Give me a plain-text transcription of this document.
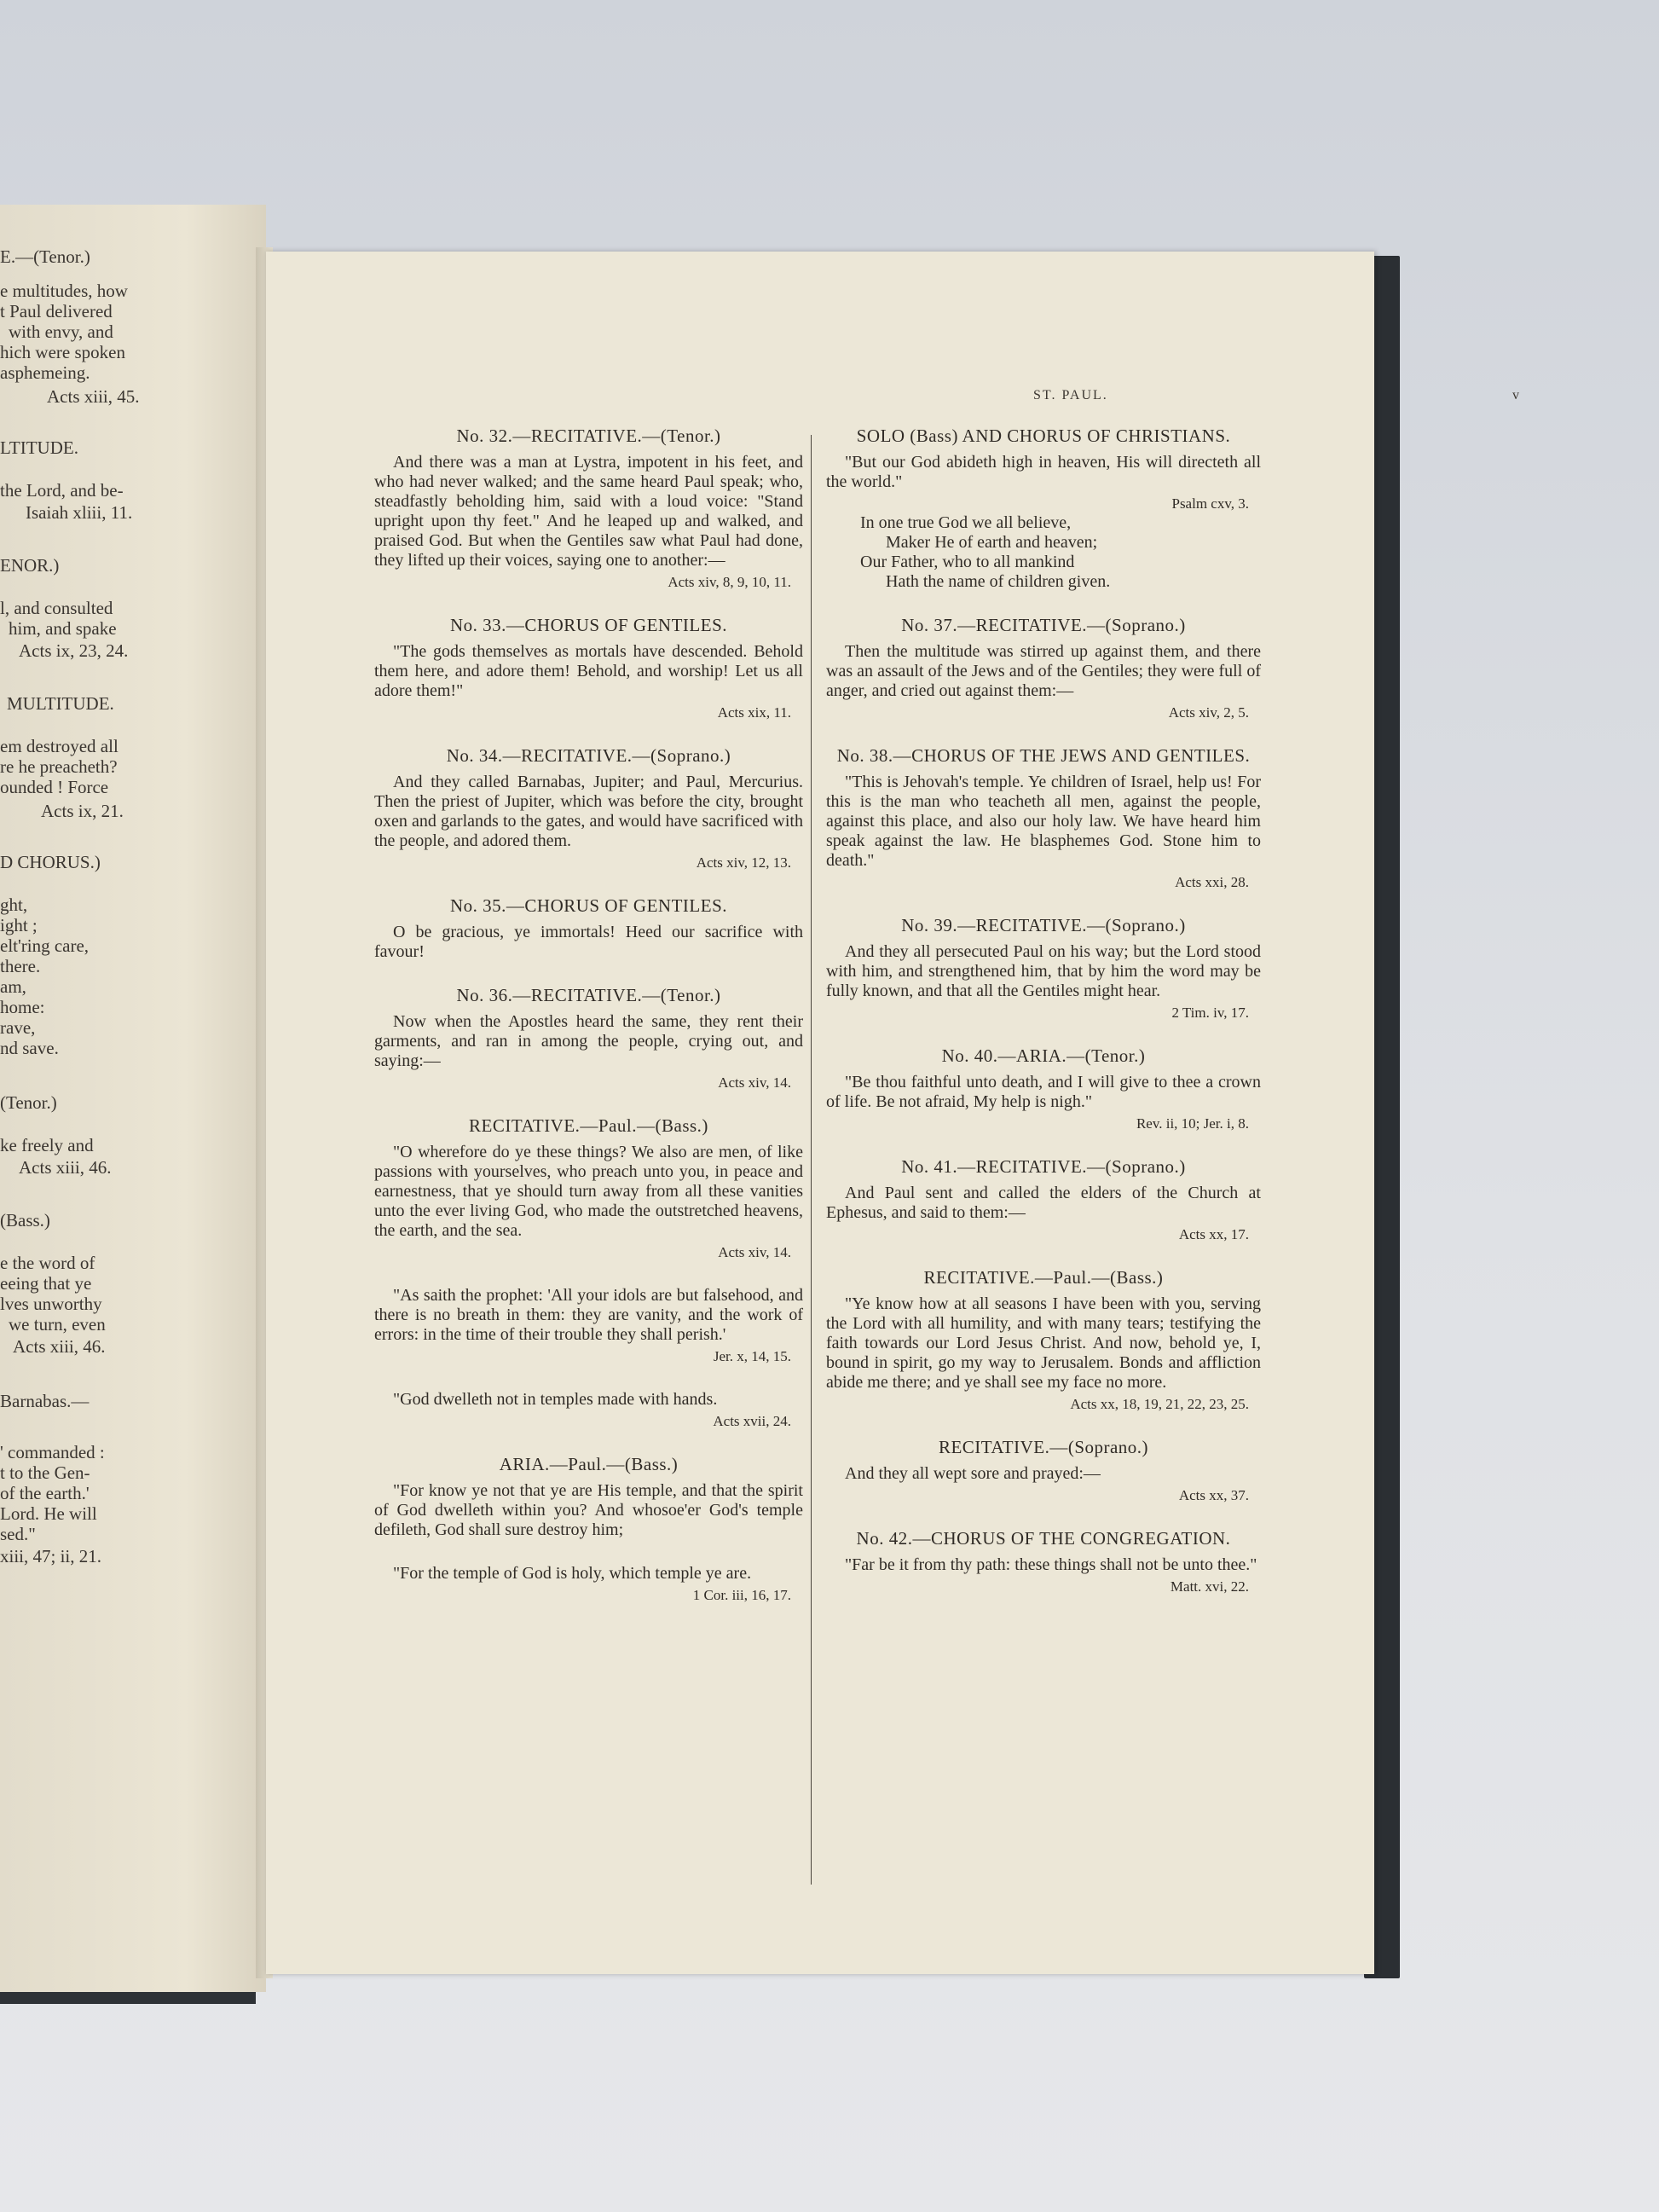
E.—(Tenor.)
e multitudes, how
t Paul delivered
with envy, and
hich were spoken
asphemeing.
Acts xiii, 45.
LTITUDE.
the Lord, and be-
Isaiah xliii, 11.
ENOR.)
l, and consulted
him, and spake
Acts ix, 23, 24.
MULTITUDE.
em destroyed all
re he preacheth?
ounded ! Force
Acts ix, 21.
D CHORUS.)
ght,
ight ;
elt'ring care,
there.
am,
home:
rave,
nd save.
(Tenor.)
ke freely and
Acts xiii, 46.
(Bass.)
e the word of
eeing that ye
lves unworthy
we turn, even
Acts xiii, 46.
Barnabas.—
' commanded :
t to the Gen-
of the earth.'
Lord. He will
sed."
xiii, 47; ii, 21.
ST. PAUL.	v
No. 32.—RECITATIVE.—(Tenor.)

And there was a man at Lystra, impotent in his feet, and who had never walked; and the same heard Paul speak; who, steadfastly beholding him, said with a loud voice: "Stand upright upon thy feet." And he leaped up and walked, and praised God. But when the Gentiles saw what Paul had done, they lifted up their voices, saying one to another:—

Acts xiv, 8, 9, 10, 11.
No. 33.—CHORUS OF GENTILES.

"The gods themselves as mortals have descended. Behold them here, and adore them! Behold, and worship! Let us all adore them!"

Acts xix, 11.
No. 34.—RECITATIVE.—(Soprano.)

And they called Barnabas, Jupiter; and Paul, Mercurius. Then the priest of Jupiter, which was before the city, brought oxen and garlands to the gates, and would have sacrificed with the people, and adored them.

Acts xiv, 12, 13.
No. 35.—CHORUS OF GENTILES.

O be gracious, ye immortals! Heed our sacrifice with favour!

No. 36.—RECITATIVE.—(Tenor.)

Now when the Apostles heard the same, they rent their garments, and ran in among the people, crying out, and saying:—

Acts xiv, 14.
RECITATIVE.—Paul.—(Bass.)

"O wherefore do ye these things? We also are men, of like passions with yourselves, who preach unto you, in peace and earnestness, that ye should turn away from all these vanities unto the ever living God, who made the outstretched heavens, the earth, and the sea.

Acts xiv, 14.

"As saith the prophet: 'All your idols are but falsehood, and there is no breath in them: they are vanity, and the work of errors: in the time of their trouble they shall perish.'

Jer. x, 14, 15.

"God dwelleth not in temples made with hands.

Acts xvii, 24.
ARIA.—Paul.—(Bass.)

"For know ye not that ye are His temple, and that the spirit of God dwelleth within you? And whosoe'er God's temple defileth, God shall sure destroy him;

"For the temple of God is holy, which temple ye are.

1 Cor. iii, 16, 17.
SOLO (Bass) AND CHORUS OF CHRISTIANS.

"But our God abideth high in heaven, His will directeth all the world."

Psalm cxv, 3.

In one true God we all believe,

Maker He of earth and heaven;

Our Father, who to all mankind

Hath the name of children given.

No. 37.—RECITATIVE.—(Soprano.)

Then the multitude was stirred up against them, and there was an assault of the Jews and of the Gentiles; they were full of anger, and cried out against them:—

Acts xiv, 2, 5.
No. 38.—CHORUS OF THE JEWS AND GENTILES.

"This is Jehovah's temple. Ye children of Israel, help us! For this is the man who teacheth all men, against the people, against this place, and also our holy law. We have heard him speak against the law. He blasphemes God. Stone him to death."

Acts xxi, 28.
No. 39.—RECITATIVE.—(Soprano.)

And they all persecuted Paul on his way; but the Lord stood with him, and strengthened him, that by him the word may be fully known, and that all the Gentiles might hear.

2 Tim. iv, 17.
No. 40.—ARIA.—(Tenor.)

"Be thou faithful unto death, and I will give to thee a crown of life. Be not afraid, My help is nigh."

Rev. ii, 10; Jer. i, 8.
No. 41.—RECITATIVE.—(Soprano.)

And Paul sent and called the elders of the Church at Ephesus, and said to them:—

Acts xx, 17.
RECITATIVE.—Paul.—(Bass.)

"Ye know how at all seasons I have been with you, serving the Lord with all humility, and with many tears; testifying the faith towards our Lord Jesus Christ. And now, behold ye, I, bound in spirit, go my way to Jerusalem. Bonds and affliction abide me there; and ye shall see my face no more.

Acts xx, 18, 19, 21, 22, 23, 25.
RECITATIVE.—(Soprano.)

And they all wept sore and prayed:—

Acts xx, 37.
No. 42.—CHORUS OF THE CONGREGATION.

"Far be it from thy path: these things shall not be unto thee."

Matt. xvi, 22.
